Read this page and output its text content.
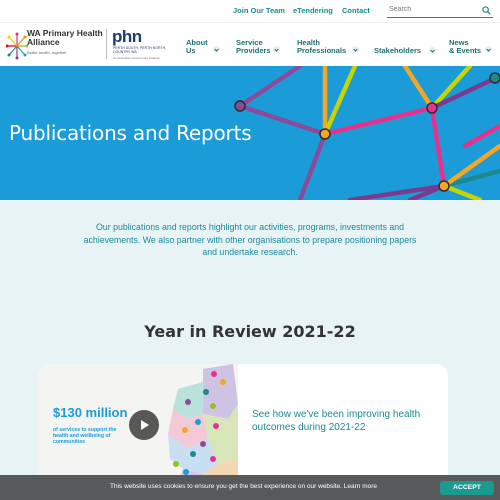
Join Our Team eTendering Contact
Search
WA Primary Health Alliance
Better health, together
phn
PERTH SOUTH, PERTH NORTH, COUNTRY WA
An Australian Government Initiative
About
Us
Service
Providers
Health
Professionals	Stakeholders
News
& Events
Publications and Reports

Our publications and reports highlight our activities, programs, investments and achievements. We also partner with other organisations to prepare positioning papers and undertake research.

Year in Review 2021-22
$130 million
of services to support the health and wellbeing of communities
See how we've been improving health outcomes during 2021-22
This website uses cookies to ensure you get the best experience on our website. Learn more	ACCEPT
